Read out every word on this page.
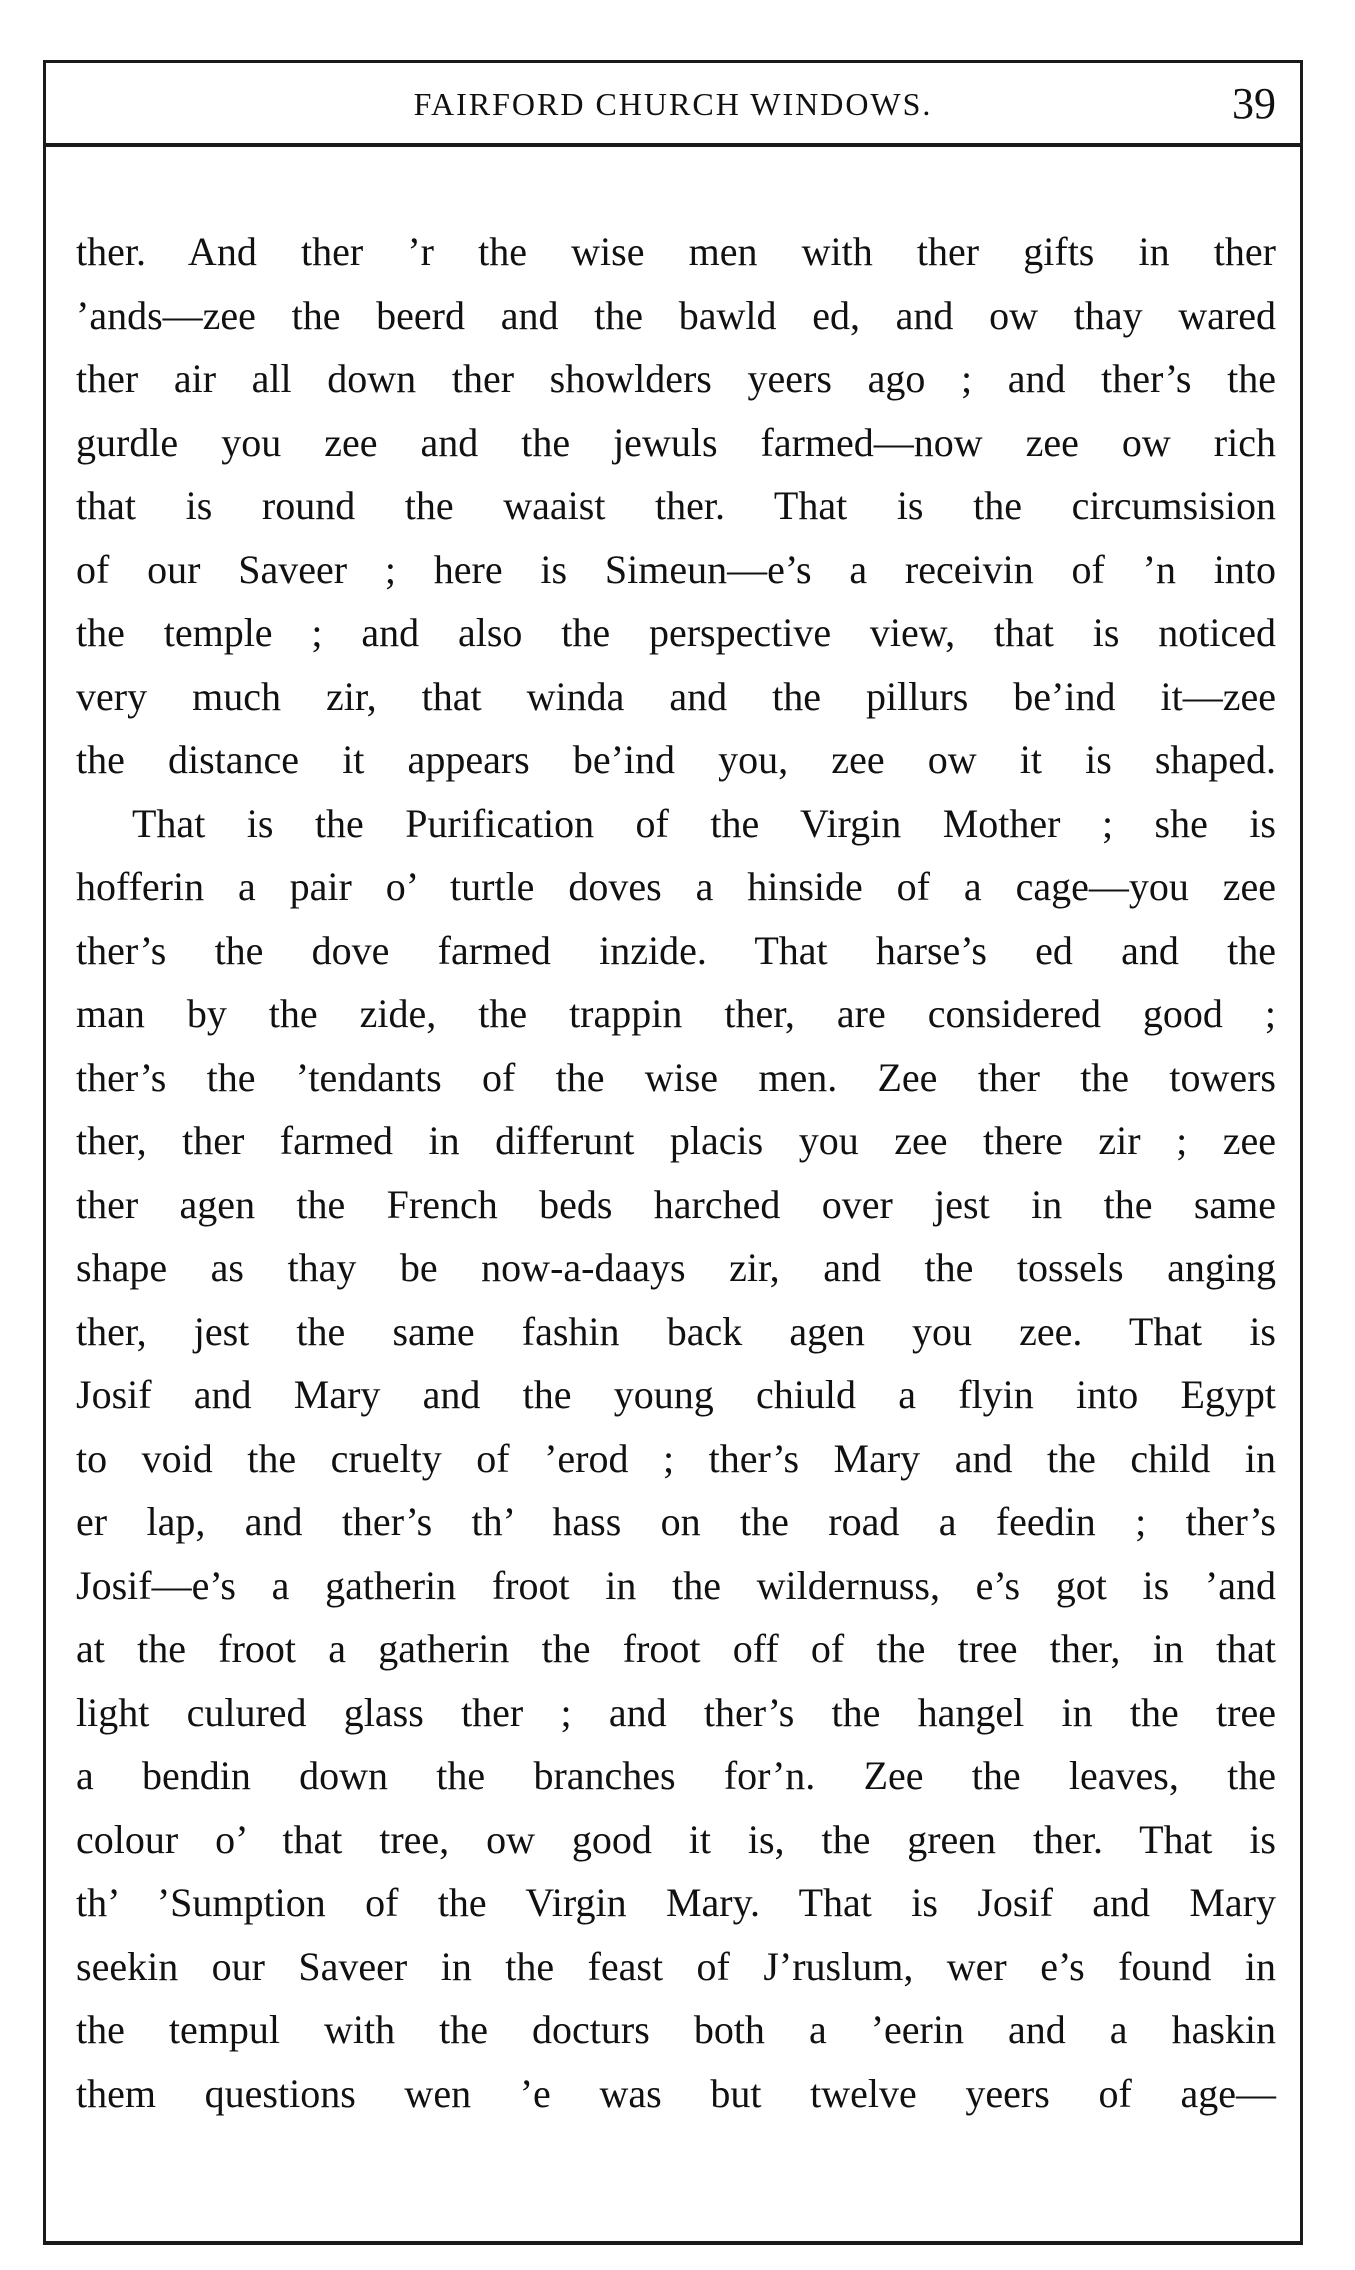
FAIRFORD CHURCH WINDOWS.	39
ther. And ther ’r the wise men with ther gifts in ther
’ands—zee the beerd and the bawld ed, and ow thay wared
ther air all down ther showlders yeers ago ; and ther’s the
gurdle you zee and the jewuls farmed—now zee ow rich
that is round the waaist ther. That is the circumsision
of our Saveer ; here is Simeun—e’s a receivin of ’n into
the temple ; and also the perspective view, that is noticed
very much zir, that winda and the pillurs be’ind it—zee
the distance it appears be’ind you, zee ow it is shaped.
That is the Purification of the Virgin Mother ; she is
hofferin a pair o’ turtle doves a hinside of a cage—you zee
ther’s the dove farmed inzide. That harse’s ed and the
man by the zide, the trappin ther, are considered good ;
ther’s the ’tendants of the wise men. Zee ther the towers
ther, ther farmed in differunt placis you zee there zir ; zee
ther agen the French beds harched over jest in the same
shape as thay be now-a-daays zir, and the tossels anging
ther, jest the same fashin back agen you zee. That is
Josif and Mary and the young chiuld a flyin into Egypt
to void the cruelty of ’erod ; ther’s Mary and the child in
er lap, and ther’s th’ hass on the road a feedin ; ther’s
Josif—e’s a gatherin froot in the wildernuss, e’s got is ’and
at the froot a gatherin the froot off of the tree ther, in that
light culured glass ther ; and ther’s the hangel in the tree
a bendin down the branches for’n. Zee the leaves, the
colour o’ that tree, ow good it is, the green ther. That is
th’ ’Sumption of the Virgin Mary. That is Josif and Mary
seekin our Saveer in the feast of J’ruslum, wer e’s found in
the tempul with the docturs both a ’eerin and a haskin
them questions wen ’e was but twelve yeers of age—
